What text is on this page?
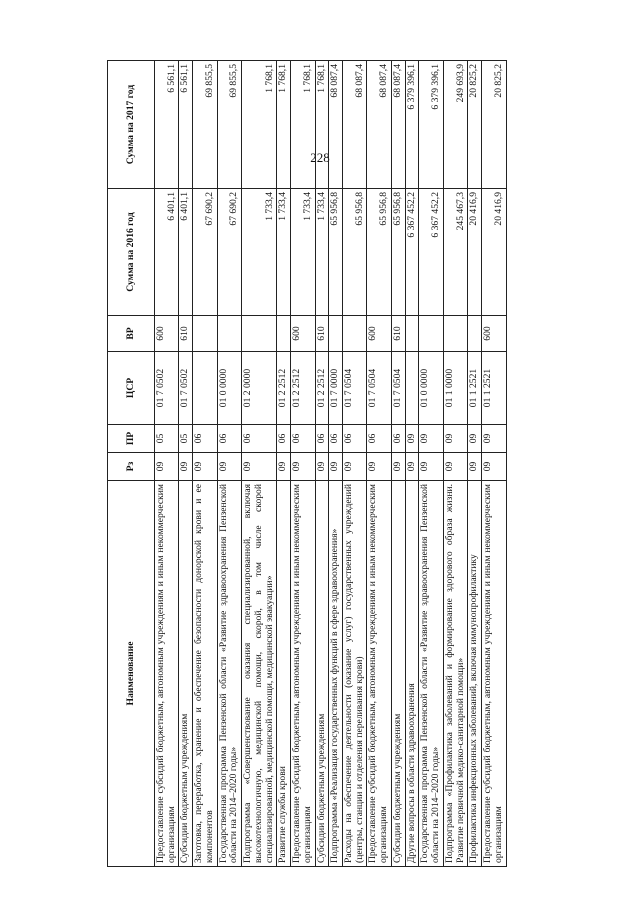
228
Наименование	Рз	ПР	ЦСР	ВР	Сумма на 2016 год	Сумма на 2017 год
Предоставление субсидий бюджетным, автономным учреждениям и иным некоммерческим организациям	09	05	01 7 0502	600	6 401,1	6 561,1
Субсидии бюджетным учреждениям	09	05	01 7 0502	610	6 401,1	6 561,1
Заготовка, переработка, хранение и обеспечение безопасности донорской крови и ее компонентов	09	06			67 690,2	69 855,5
Государственная программа Пензенской области «Развитие здравоохранения Пензенской области на 2014–2020 годы»	09	06	01 0 0000		67 690,2	69 855,5
Подпрограмма «Совершенствование оказания специализированной, включая высокотехнологичную, медицинской помощи, скорой, в том числе скорой специализированной, медицинской помощи, медицинской эвакуации»	09	06	01 2 0000		1 733,4	1 768,1
Развитие службы крови	09	06	01 2 2512		1 733,4	1 768,1
Предоставление субсидий бюджетным, автономным учреждениям и иным некоммерческим организациям	09	06	01 2 2512	600	1 733,4	1 768,1
Субсидии бюджетным учреждениям	09	06	01 2 2512	610	1 733,4	1 768,1
Подпрограмма «Реализация государственных функций в сфере здравоохранения»	09	06	01 7 0000		65 956,8	68 087,4
Расходы на обеспечение деятельности (оказание услуг) государственных учреждений (центры, станции и отделения переливания крови)	09	06	01 7 0504		65 956,8	68 087,4
Предоставление субсидий бюджетным, автономным учреждениям и иным некоммерческим организациям	09	06	01 7 0504	600	65 956,8	68 087,4
Субсидии бюджетным учреждениям	09	06	01 7 0504	610	65 956,8	68 087,4
Другие вопросы в области здравоохранения	09	09			6 367 452,2	6 379 396,1
Государственная программа Пензенской области «Развитие здравоохранения Пензенской области на 2014–2020 годы»	09	09	01 0 0000		6 367 452,2	6 379 396,1
Подпрограмма «Профилактика заболеваний и формирование здорового образа жизни. Развитие первичной медико-санитарной помощи»	09	09	01 1 0000		245 467,3	249 693,9
Профилактика инфекционных заболеваний, включая иммунопрофилактику	09	09	01 1 2521		20 416,9	20 825,2
Предоставление субсидий бюджетным, автономным учреждениям и иным некоммерческим организациям	09	09	01 1 2521	600	20 416,9	20 825,2
